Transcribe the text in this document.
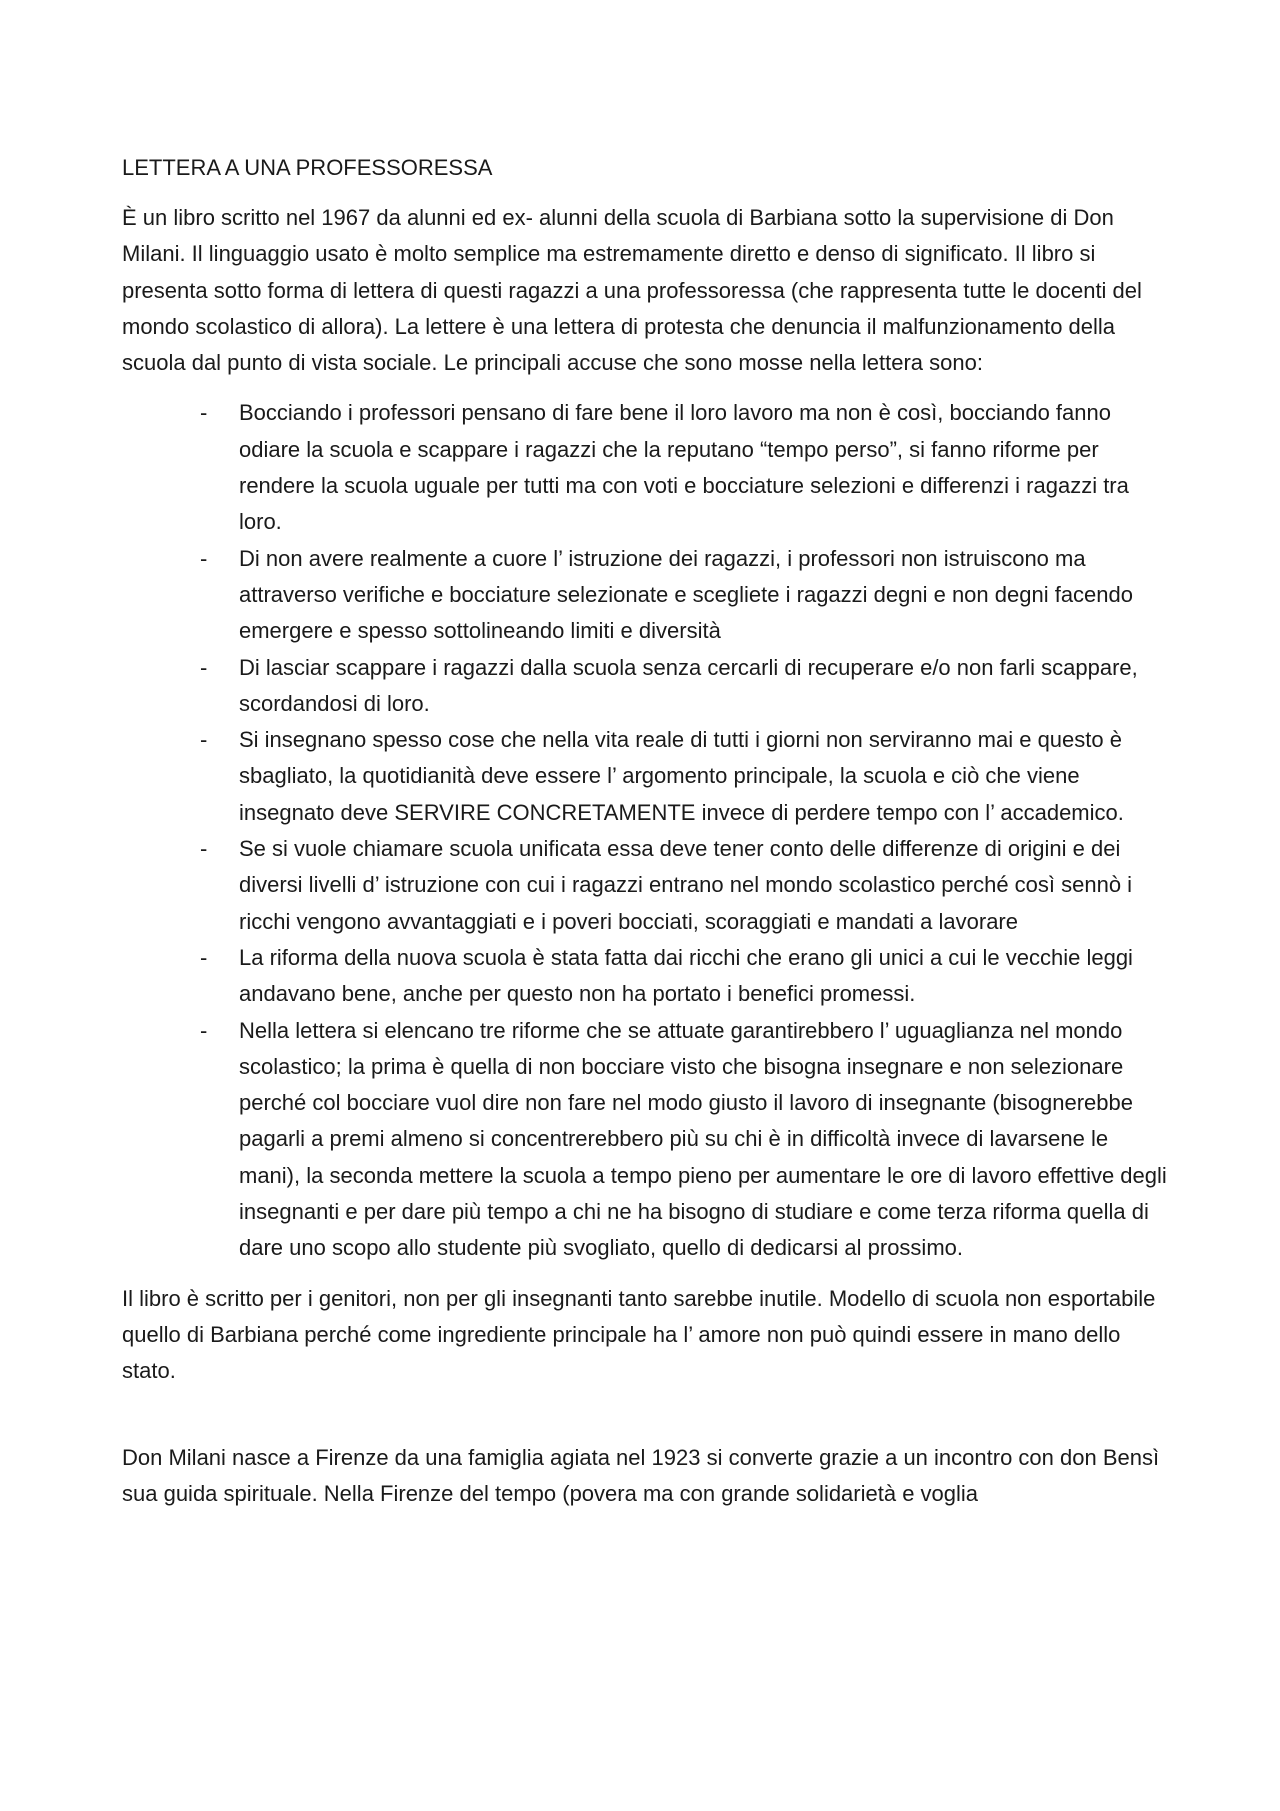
LETTERA A UNA PROFESSORESSA

È un libro scritto nel 1967 da alunni ed ex- alunni della scuola di Barbiana sotto la supervisione di Don Milani. Il linguaggio usato è molto semplice ma estremamente diretto e denso di significato. Il libro si presenta sotto forma di lettera di questi ragazzi a una professoressa (che rappresenta tutte le docenti del mondo scolastico di allora). La lettere è una lettera di protesta che denuncia il malfunzionamento della scuola dal punto di vista sociale. Le principali accuse che sono mosse nella lettera sono:

- Bocciando i professori pensano di fare bene il loro lavoro ma non è così, bocciando fanno odiare la scuola e scappare i ragazzi che la reputano “tempo perso”, si fanno riforme per rendere la scuola uguale per tutti ma con voti e bocciature selezioni e differenzi i ragazzi tra loro.
- Di non avere realmente a cuore l’ istruzione dei ragazzi, i professori non istruiscono ma attraverso verifiche e bocciature selezionate e scegliete i ragazzi degni e non degni facendo emergere e spesso sottolineando limiti e diversità
- Di lasciar scappare i ragazzi dalla scuola senza cercarli di recuperare e/o non farli scappare, scordandosi di loro.
- Si insegnano spesso cose che nella vita reale di tutti i giorni non serviranno mai e questo è sbagliato, la quotidianità deve essere l’ argomento principale, la scuola e ciò che viene insegnato deve SERVIRE CONCRETAMENTE invece di perdere tempo con l’ accademico.
- Se si vuole chiamare scuola unificata essa deve tener conto delle differenze di origini e dei diversi livelli d’ istruzione con cui i ragazzi entrano nel mondo scolastico perché così sennò i ricchi vengono avvantaggiati e i poveri bocciati, scoraggiati e mandati a lavorare
- La riforma della nuova scuola è stata fatta dai ricchi che erano gli unici a cui le vecchie leggi andavano bene, anche per questo non ha portato i benefici promessi.
- Nella lettera si elencano tre riforme che se attuate garantirebbero l’ uguaglianza nel mondo scolastico; la prima è quella di non bocciare visto che bisogna insegnare e non selezionare perché col bocciare vuol dire non fare nel modo giusto il lavoro di insegnante (bisognerebbe pagarli a premi almeno si concentrerebbero più su chi è in difficoltà invece di lavarsene le mani), la seconda mettere la scuola a tempo pieno per aumentare le ore di lavoro effettive degli insegnanti e per dare più tempo a chi ne ha bisogno di studiare e come terza riforma quella di dare uno scopo allo studente più svogliato, quello di dedicarsi al prossimo.

Il libro è scritto per i genitori, non per gli insegnanti tanto sarebbe inutile. Modello di scuola non esportabile quello di Barbiana perché come ingrediente principale ha l’ amore non può quindi essere in mano dello stato.

Don Milani nasce a Firenze da una famiglia agiata nel 1923 si converte grazie a un incontro con don Bensì sua guida spirituale. Nella Firenze del tempo (povera ma con grande solidarietà e voglia
